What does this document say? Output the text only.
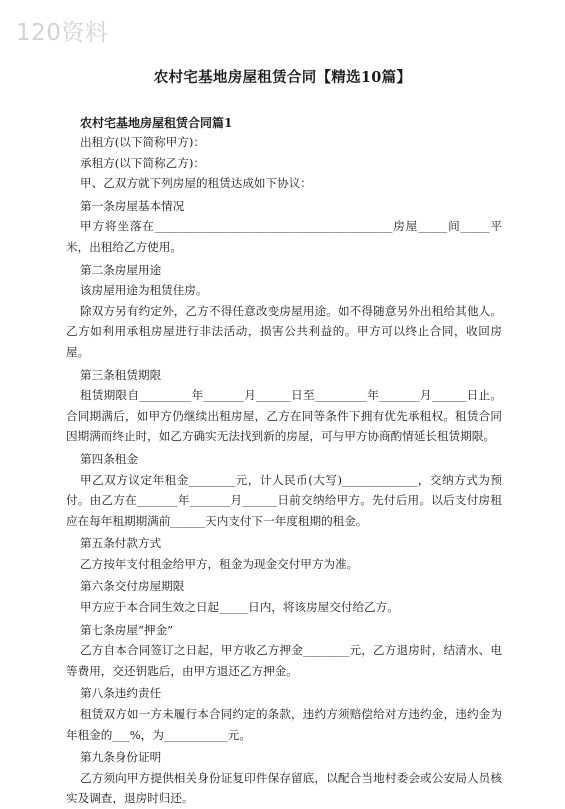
120资料
农村宅基地房屋租赁合同【精选10篇】
农村宅基地房屋租赁合同篇1

出租方(以下简称甲方)：

承租方(以下简称乙方)：

甲、乙双方就下列房屋的租赁达成如下协议：

第一条房屋基本情况

甲方将坐落在_________________________________________房屋_____间_____平米，出租给乙方使用。

第二条房屋用途

该房屋用途为租赁住房。

除双方另有约定外，乙方不得任意改变房屋用途。如不得随意另外出租给其他人。乙方如利用承租房屋进行非法活动，损害公共利益的。甲方可以终止合同，收回房屋。

第三条租赁期限

租赁期限自_________年_______月______日至_________年_______月______日止。合同期满后，如甲方仍继续出租房屋，乙方在同等条件下拥有优先承租权。租赁合同因期满而终止时，如乙方确实无法找到新的房屋，可与甲方协商酌情延长租赁期限。

第四条租金

甲乙双方议定年租金________元，计人民币(大写)_____________，交纳方式为预付。由乙方在_______年_______月______日前交纳给甲方。先付后用。以后支付房租应在每年租期期满前______天内支付下一年度租期的租金。

第五条付款方式

乙方按年支付租金给甲方，租金为现金交付甲方为准。

第六条交付房屋期限

甲方应于本合同生效之日起_____日内，将该房屋交付给乙方。

第七条房屋“押金”

乙方自本合同签订之日起，甲方收乙方押金________元，乙方退房时，结清水、电等费用，交还钥匙后，由甲方退还乙方押金。

第八条违约责任

租赁双方如一方未履行本合同约定的条款，违约方须赔偿给对方违约金，违约金为年租金的___%，为___________元。

第九条身份证明

乙方须向甲方提供相关身份证复印件保存留底，以配合当地村委会或公安局人员核实及调查，退房时归还。
